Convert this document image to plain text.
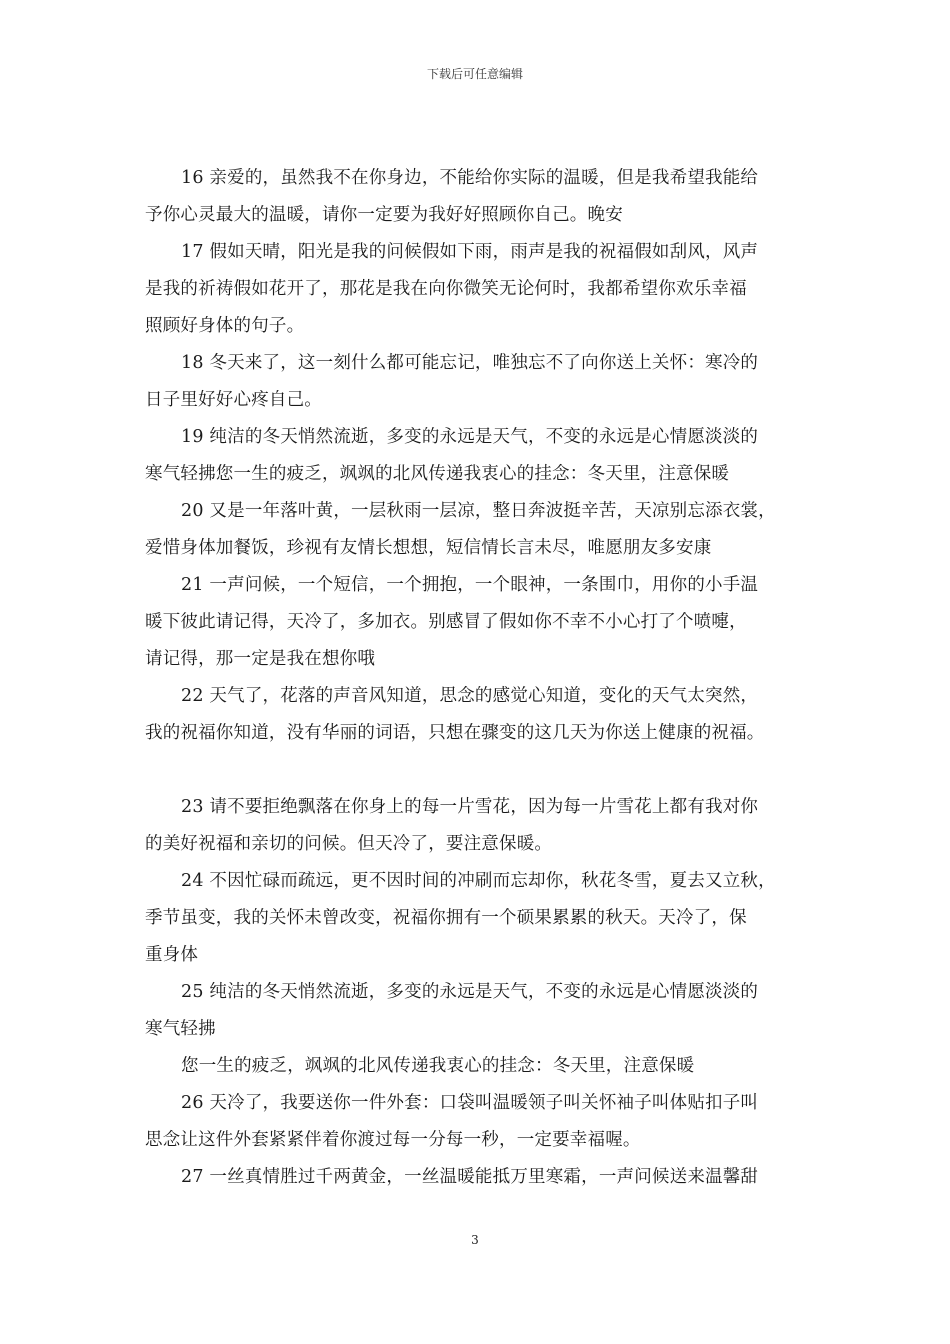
下载后可任意编辑
16 亲爱的，虽然我不在你身边，不能给你实际的温暖，但是我希望我能给
予你心灵最大的温暖，请你一定要为我好好照顾你自己。晚安
17 假如天晴，阳光是我的问候假如下雨，雨声是我的祝福假如刮风，风声
是我的祈祷假如花开了，那花是我在向你微笑无论何时，我都希望你欢乐幸福
照顾好身体的句子。
18 冬天来了，这一刻什么都可能忘记，唯独忘不了向你送上关怀：寒冷的
日子里好好心疼自己。
19 纯洁的冬天悄然流逝，多变的永远是天气，不变的永远是心情愿淡淡的
寒气轻拂您一生的疲乏，飒飒的北风传递我衷心的挂念：冬天里，注意保暖
20 又是一年落叶黄，一层秋雨一层凉，整日奔波挺辛苦，天凉别忘添衣裳，
爱惜身体加餐饭，珍视有友情长想想，短信情长言未尽，唯愿朋友多安康
21 一声问候，一个短信，一个拥抱，一个眼神，一条围巾，用你的小手温
暖下彼此请记得，天冷了，多加衣。别感冒了假如你不幸不小心打了个喷嚏，
请记得，那一定是我在想你哦
22 天气了，花落的声音风知道，思念的感觉心知道，变化的天气太突然，
我的祝福你知道，没有华丽的词语，只想在骤变的这几天为你送上健康的祝福。
23 请不要拒绝飘落在你身上的每一片雪花，因为每一片雪花上都有我对你
的美好祝福和亲切的问候。但天冷了，要注意保暖。
24 不因忙碌而疏远，更不因时间的冲刷而忘却你，秋花冬雪，夏去又立秋，
季节虽变，我的关怀未曾改变，祝福你拥有一个硕果累累的秋天。天冷了，保
重身体
25 纯洁的冬天悄然流逝，多变的永远是天气，不变的永远是心情愿淡淡的
寒气轻拂
您一生的疲乏，飒飒的北风传递我衷心的挂念：冬天里，注意保暖
26 天冷了，我要送你一件外套：口袋叫温暖领子叫关怀袖子叫体贴扣子叫
思念让这件外套紧紧伴着你渡过每一分每一秒，一定要幸福喔。
27 一丝真情胜过千两黄金，一丝温暖能抵万里寒霜，一声问候送来温馨甜
3
